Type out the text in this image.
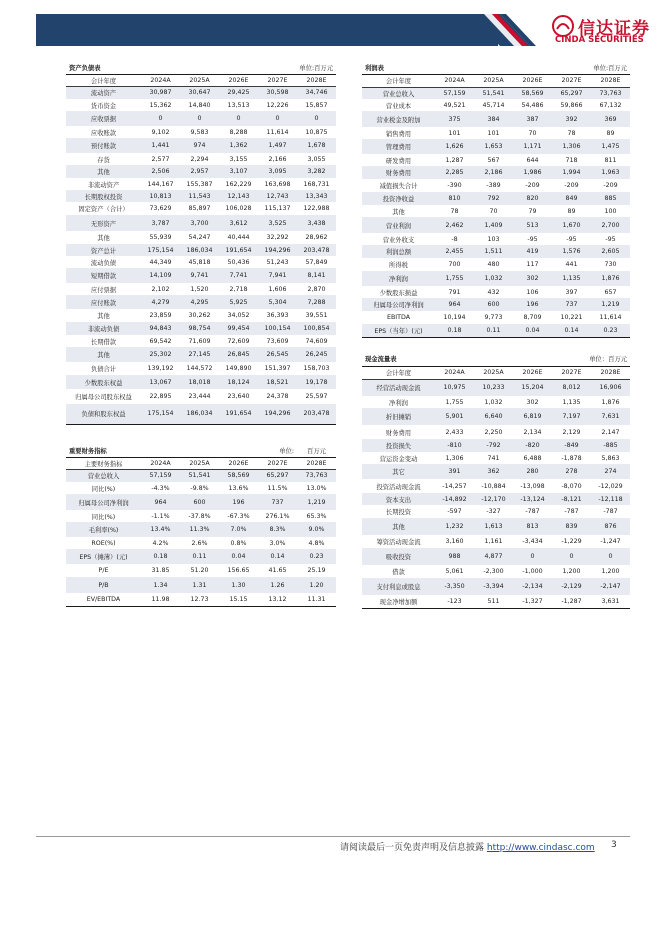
信达证券
CINDA SECURITIES
资产负债表			单位:百万元		
会计年度	2024A	2025A	2026E	2027E	2028E
流动资产	30,987	30,647	29,425	30,598	34,746
货币资金	15,362	14,840	13,513	12,226	15,857
应收票据	0	0	0	0	0
应收账款	9,102	9,583	8,288	11,614	10,875
预付账款	1,441	974	1,362	1,497	1,678
存货	2,577	2,294	3,155	2,166	3,055
其他	2,506	2,957	3,107	3,095	3,282
非流动资产	144,167	155,387	162,229	163,698	168,731
长期股权投资	10,813	11,543	12,143	12,743	13,343
固定资产（合计）	73,629	85,897	106,028	115,137	122,988
无形资产	3,787	3,700	3,612	3,525	3,438
其他	55,939	54,247	40,444	32,292	28,962
资产总计	175,154	186,034	191,654	194,296	203,478
流动负债	44,349	45,818	50,436	51,243	57,849
短期借款	14,109	9,741	7,741	7,941	8,141
应付票据	2,102	1,520	2,718	1,606	2,870
应付账款	4,279	4,295	5,925	5,304	7,288
其他	23,859	30,262	34,052	36,393	39,551
非流动负债	94,843	98,754	99,454	100,154	100,854
长期借款	69,542	71,609	72,609	73,609	74,609
其他	25,302	27,145	26,845	26,545	26,245
负债合计	139,192	144,572	149,890	151,397	158,703
少数股东权益	13,067	18,018	18,124	18,521	19,178
归属母公司股东权益	22,895	23,444	23,640	24,378	25,597
负债和股东权益	175,154	186,034	191,654	194,296	203,478
重要财务指标			单位:		百万元
主要财务指标	2024A	2025A	2026E	2027E	2028E
营业总收入	57,159	51,541	58,569	65,297	73,763
同比(%)	-4.3%	-9.8%	13.6%	11.5%	13.0%
归属母公司净利润	964	600	196	737	1,219
同比(%)	-1.1%	-37.8%	-67.3%	276.1%	65.3%
毛利率(%)	13.4%	11.3%	7.0%	8.3%	9.0%
ROE(%)	4.2%	2.6%	0.8%	3.0%	4.8%
EPS（摊薄）(元)	0.18	0.11	0.04	0.14	0.23
P/E	31.85	51.20	156.65	41.65	25.19
P/B	1.34	1.31	1.30	1.26	1.20
EV/EBITDA	11.98	12.73	15.15	13.12	11.31
利润表			单位:百万元		
会计年度	2024A	2025A	2026E	2027E	2028E
营业总收入	57,159	51,541	58,569	65,297	73,763
营业成本	49,521	45,714	54,486	59,866	67,132
营业税金及附加	375	384	387	392	369
销售费用	101	101	70	78	89
管理费用	1,626	1,653	1,171	1,306	1,475
研发费用	1,287	567	644	718	811
财务费用	2,285	2,186	1,986	1,994	1,963
减值损失合计	-390	-389	-209	-209	-209
投资净收益	810	792	820	849	885
其他	78	70	79	89	100
营业利润	2,462	1,409	513	1,670	2,700
营业外收支	-8	103	-95	-95	-95
利润总额	2,455	1,511	419	1,576	2,605
所得税	700	480	117	441	730
净利润	1,755	1,032	302	1,135	1,876
少数股东损益	791	432	106	397	657
归属母公司净利润	964	600	196	737	1,219
EBITDA	10,194	9,773	8,709	10,221	11,614
EPS（当年）(元)	0.18	0.11	0.04	0.14	0.23
现金流量表			单位：百万元		
会计年度	2024A	2025A	2026E	2027E	2028E
经营活动现金流	10,975	10,233	15,204	8,012	16,906
净利润	1,755	1,032	302	1,135	1,876
折旧摊销	5,901	6,640	6,819	7,197	7,631
财务费用	2,433	2,250	2,134	2,129	2,147
投资损失	-810	-792	-820	-849	-885
营运资金变动	1,306	741	6,488	-1,878	5,863
其它	391	362	280	278	274
投资活动现金流	-14,257	-10,884	-13,098	-8,070	-12,029
资本支出	-14,892	-12,170	-13,124	-8,121	-12,118
长期投资	-597	-327	-787	-787	-787
其他	1,232	1,613	813	839	876
筹资活动现金流	3,160	1,161	-3,434	-1,229	-1,247
吸收投资	988	4,877	0	0	0
借款	5,061	-2,300	-1,000	1,200	1,200
支付利息或股息	-3,350	-3,394	-2,134	-2,129	-2,147
现金净增加额	-123	511	-1,327	-1,287	3,631
请阅读最后一页免责声明及信息披露 http://www.cindasc.com 3
